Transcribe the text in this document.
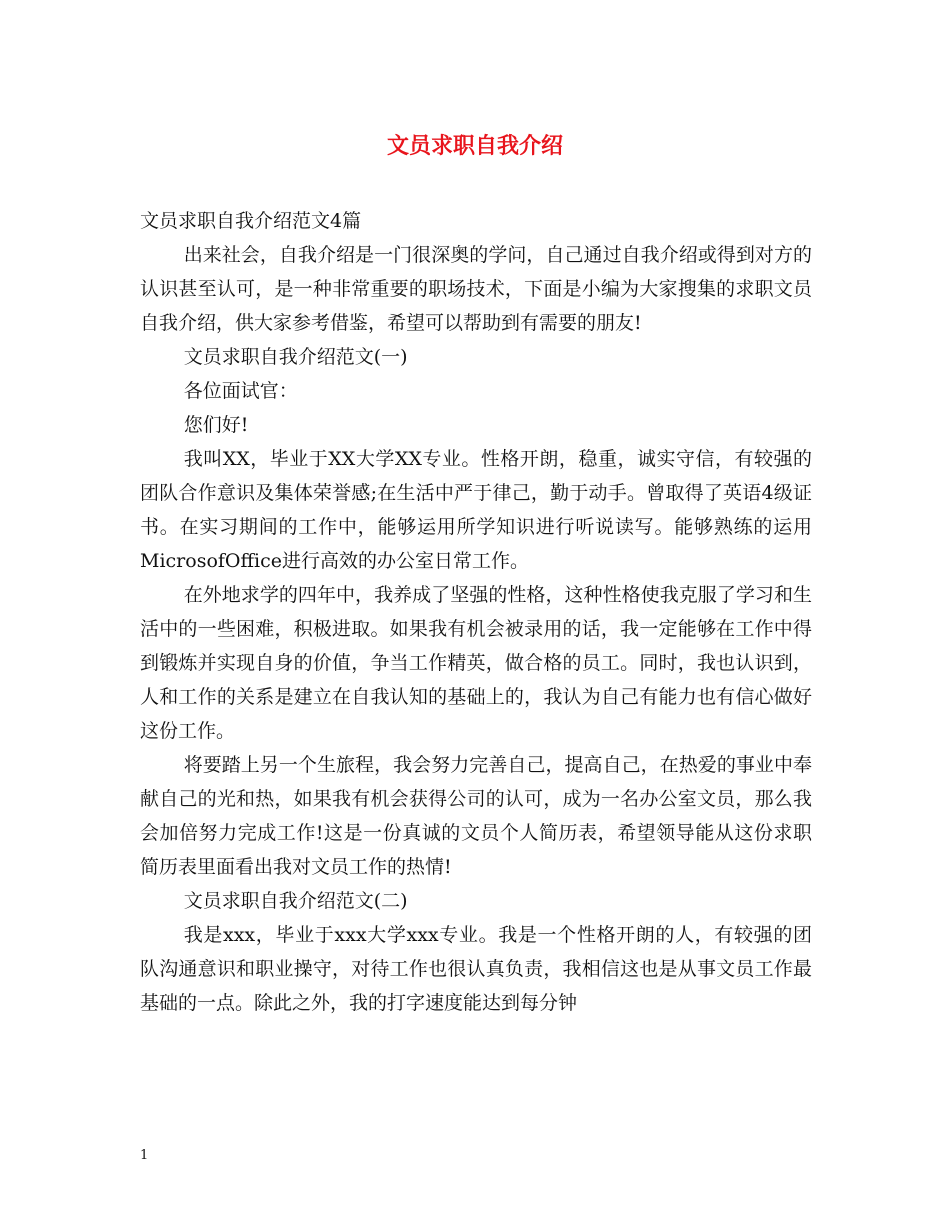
文员求职自我介绍

文员求职自我介绍范文4篇

出来社会，自我介绍是一门很深奥的学问，自己通过自我介绍或得到对方的认识甚至认可，是一种非常重要的职场技术，下面是小编为大家搜集的求职文员自我介绍，供大家参考借鉴，希望可以帮助到有需要的朋友!

文员求职自我介绍范文(一)

各位面试官：

您们好!

我叫XX，毕业于XX大学XX专业。性格开朗，稳重，诚实守信，有较强的团队合作意识及集体荣誉感;在生活中严于律己，勤于动手。曾取得了英语4级证书。在实习期间的工作中，能够运用所学知识进行听说读写。能够熟练的运用MicrosofOffice进行高效的办公室日常工作。

在外地求学的四年中，我养成了坚强的性格，这种性格使我克服了学习和生活中的一些困难，积极进取。如果我有机会被录用的话，我一定能够在工作中得到锻炼并实现自身的价值，争当工作精英，做合格的员工。同时，我也认识到，人和工作的关系是建立在自我认知的基础上的，我认为自己有能力也有信心做好这份工作。

将要踏上另一个生旅程，我会努力完善自己，提高自己，在热爱的事业中奉献自己的光和热，如果我有机会获得公司的认可，成为一名办公室文员，那么我会加倍努力完成工作!这是一份真诚的文员个人简历表，希望领导能从这份求职简历表里面看出我对文员工作的热情!

文员求职自我介绍范文(二)

我是xxx，毕业于xxx大学xxx专业。我是一个性格开朗的人，有较强的团队沟通意识和职业操守，对待工作也很认真负责，我相信这也是从事文员工作最基础的一点。除此之外，我的打字速度能达到每分钟

1
